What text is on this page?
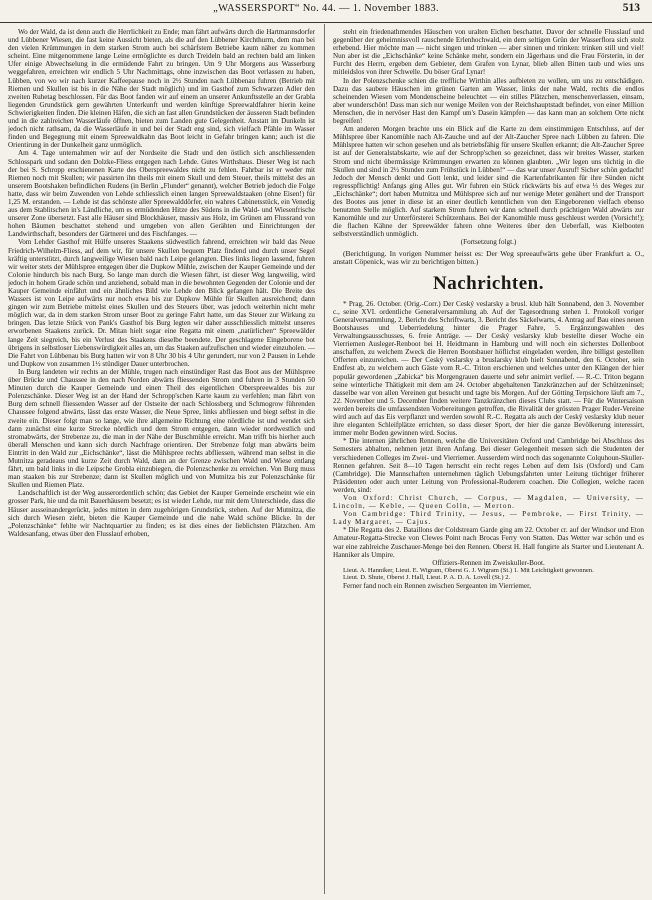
„WASSERSPORT“ No. 44. — 1. November 1883.	513

Wo der Wald, da ist denn auch die Herrlichkeit zu Ende; man fährt aufwärts durch die Hartmannsdorfer und Lübbener Wiesen, die fast keine Aussicht bieten, als die auf den Lübbener Kirchthurm, dem man bei den vielen Krümmungen in dem starken Strom auch bei schärfstem Betriebe kaum näher zu kommen scheint. Eine mitgenommene lange Leine ermöglichte es durch Treideln bald an rechten bald am linken Ufer einige Abwechselung in die ermüdende Fahrt zu bringen. Um 9 Uhr Morgens aus Wasserburg weggefahren, erreichten wir endlich 5 Uhr Nachmittags, ohne inzwischen das Boot verlassen zu haben, Lübben, von wo wir nach kurzer Kaffeepause noch in 2½ Stunden nach Lübbenau fuhren (Betrieb mit Riemen und Skullen ist bis in die Nähe der Stadt möglich) und im Gasthof zum Schwarzen Adler den zweiten Ruhetag beschlossen. Für das Boot fanden wir auf einem an unserer Ankunftsstelle an der Grabla liegenden Grundstück gern gewährten Unterkunft und werden künftige Spreewaldfahrer hierin keine Schwierigkeiten finden. Die kleinen Häfen, die sich an fast allen Grundstücken der äusseren Stadt befinden und in die zahlreichen Wasserläufe öffnen, bieten zum Landen gute Gelegenheit. Anstatt im Dunkeln ist jedoch nicht rathsam, da die Wasserläufe in und bei der Stadt eng sind, sich vielfach Pfähle im Wasser finden und Begegnung mit einem Spreewaldkahn das Boot leicht in Gefahr bringen kann; auch ist die Orientirung in der Dunkelheit ganz unmöglich.

Am 4. Tage unternahmen wir auf der Nordseite die Stadt und den östlich sich anschliessenden Schlosspark und sodann den Dolzke-Fliess entgegen nach Lehde. Gutes Wirthshaus. Dieser Weg ist nach der bei S. Schropp erschienenen Karte des Oberspreewaldes nicht zu fehlen. Fahrbar ist er weder mit Riemen noch mit Skullen; wir passirten ihn theils mit einem Skull und dem Steuer, theils mittelst des an unserem Bootshaken befindlichen Rudens (in Berlin „Flunder“ genannt), welcher Betrieb jedoch die Folge hatte, dass wir beim Zuwenden von Lehde schliesslich einen langen Spreewaldstaaken (ohne Eisen!) für 1,25 M. erstanden. — Lehde ist das schönste aller Spreewalddörfer, ein wahres Cabinetsstück, ein Venedig aus dem Stablitschen in's Ländliche, um es ermüdenden Hitze des Südens in die Wald- und Wiesenfrische unserer Zone übersetzt. Fast alle Häuser sind Blockhäuser, massiv aus Holz, im Grünen am Flussrand von hohen Bäumen beschattet stehend und umgeben von allen Gerähten und Einrichtungen der Landwirthschaft, besonders der Gärtnerei und des Fischfanges. —

Vom Lehder Gasthof mit Hülfe unseres Staakens südwestlich fahrend, erreichten wir bald das Neue Friedrich-Wilhelm-Fliess, auf dem wir, für unsere Skullen bequem Platz findend und durch unser Segel kräftig unterstützt, durch langweilige Wiesen bald nach Leipe gelangten. Dies links liegen lassend, fuhren wir weiter stets der Mühlspree entgegen über die Dupkow Mühle, zwischen der Kauper Gemeinde und der Colonie hindurch bis nach Burg. So lange man durch die Wiesen fährt, ist dieser Weg langweilig, wird jedoch in hohem Grade schön und anziehend, sobald man in die bewohnten Gegenden der Colonie und der Kauper Gemeinde einfährt und ein ähnliches Bild wie Lehde den Blick gefangen hält. Die Breite des Wassers ist von Leipe aufwärts nur noch etwa bis zur Dupkow Mühle für Skullen ausreichend; dann gingen wir zum Betriebe mittelst eines Skullen und des Steuers über, was jedoch weiterhin nicht mehr möglich war, da in dem starken Strom unser Boot zu geringe Fahrt hatte, um das Steuer zur Wirkung zu bringen. Das letzte Stück von Pank's Gasthof bis Burg legten wir daher ausschliesslich mittelst unseres erworbenen Staakens zurück. Dr. Mitan hielt sogar eine Regatta mit einem „natürlichen“ Spreewälder lange Zeit siegreich, bis ein Verlust des Staakens dieselbe beendete. Der geschlagene Eingeborene bot übrigens in selbstloser Liebenswürdigkeit alles an, um das Staaken aufzufischen und wieder einzuholen. — Die Fahrt von Lübbenau bis Burg hatten wir von 8 Uhr 30 bis 4 Uhr gerundert, nur von 2 Pausen in Lehde und Dupkow von zusammen 1½ stündiger Dauer unterbrochen.

In Burg landeten wir rechts an der Mühle, trugen nach einstündiger Rast das Boot aus der Mühlspree über Brücke und Chaussee in den nach Norden abwärts fliessenden Strom und fuhren in 3 Stunden 50 Minuten durch die Kauper Gemeinde und einen Theil des eigentlichen Oberspreewaldes bis zur Polenzschänke. Dieser Weg ist an der Hand der Schropp'schen Karte kaum zu verfehlen; man fährt von Burg dem schnell fliessenden Wasser auf der Ostseite der nach Schlossberg und Schmogrow führenden Chaussee folgend abwärts, lässt das erste Wasser, die Neue Spree, links abfliessen und biegt selbst in die zweite ein. Dieser folgt man so lange, wie ihre allgemeine Richtung eine nördliche ist und wendet sich dann zunächst eine kurze Strecke nördlich und dem Strom entgegen, dann wieder nordwestlich und stromabwärts, der Strebenze zu, die man in der Nähe der Buschmühle erreicht. Man trifft bis hierher auch überall Menschen und kann sich durch Nachfrage orientiren. Der Strebenze folgt man abwärts beim Eintritt in den Wald zur „Eichschänke“, lässt die Mühlspree rechts abfliessen, während man selbst in die Mutnitza geradeaus und kurze Zeit durch Wald, dann an der Grenze zwischen Wald und Wiese entlang fährt, um bald links in die Leipsche Grobla einzubiegen, die Polenzschenke zu erreichen. Von Burg muss man staaken bis zur Strebenze; dann ist Skullen möglich und von Mutnitza bis zur Polenzschänke für Skullen und Riemen Platz.

Landschaftlich ist der Weg ausserordentlich schön; das Gebiet der Kauper Gemeinde erscheint wie ein grosser Park, hie und da mit Bauerhäusern besetzt; es ist wieder Lehde, nur mit dem Unterschiede, dass die Häuser ausseinandergerückt, jedes mitten in dem zugehörigen Grundstück, stehen. Auf der Mutnitza, die sich durch Wiesen zieht, bieten die Kauper Gemeinde und die nahe Wald schöne Blicke. In der „Polenzschänke“ fehlte wir Nachtquartier zu finden; es ist dies eines der lieblichsten Plätzchen. Am Waldesanfang, etwas über den Flusslauf erhoben,

steht ein friedenathmendes Häuschen von uralten Eichen beschattet. Davor der schnelle Flusslauf und gegenüber der geheimnissvoll rauschende Erlenhochwald, ein dem seltigen Grün der Wasserflora sich stolz erhebend. Hier möchte man — nicht singen und trinken — aber sinnen und trinken: trinken still und viel! Nun aber ist die „Eichschänke“ keine Schänke mehr, sondern ein Jägerhaus und die Frau Försterin, in der Furcht des Herrn, ergeben dem Gebieter, dem Grafen von Lynar, blieb allen Bitten taub und wies uns mitleidslos von ihrer Schwelle. Du böser Graf Lynar!

In der Polenzschenke schien die treffliche Wirthin alles aufbieten zu wollen, um uns zu entschädigen. Dazu das saubere Häuschen im grünen Garten am Wasser, links der nahe Wald, rechts die endlos scheinenden Wiesen vom Mondenscheine beleuchtet — ein stilles Plätzchen, menschenverlassen, einsam, aber wunderschön! Dass man sich nur wenige Meilen von der Reichshauptstadt befindet, von einer Million Menschen, die in nervöser Hast den Kampf um's Dasein kämpfen — das kann man an solchem Orte nicht begreifen!

Am anderen Morgen brachte uns ein Blick auf die Karte zu dem einstimmigen Entschluss, auf der Mühlspree über Kanomühle nach Alt-Zauche und auf der Alt-Zaucher Spree nach Lübben zu fahren. Die Mühlspree hatten wir schon gesehen und als betriebsfähig für unsere Skullen erkannt; die Alt-Zaucher Spree ist auf der Generalstabskarte, wie auf der Schropp'schen so gezeichnet, dass wir breites Wasser, starken Strom und nicht übermässige Krümmungen erwarten zu können glaubten. „Wir legen uns tüchtig in die Skullen und sind in 2½ Stunden zum Frühstück in Lübben!“ — das war unser Ausruf! Sicher schön gedacht! Jedoch der Mensch denkt und Gott lenkt, und leider sind die Kartenfabrikanten für ihre Sünden nicht regresspflichtig! Anfangs ging Alles gut. Wir fuhren ein Stück rückwärts bis auf etwa ⅓ des Weges zur „Eichschänke“; dort haben Mutnitza und Mühlspree sich auf nur wenige Meter genähert und der Transport des Bootes aus jener in diese ist an einer deutlich kenntlichen von den Eingeborenen vielfach ebenso benutzten Stelle möglich. Auf starkem Strom fuhren wir dann schnell durch prächtigen Wald abwärts zur Kanomühle und zur Unterförsterei Schützenhaus. Bei der Kanomühle muss geschleust werden (Vorsicht!); die flachen Kähne der Spreewälder fahren ohne Weiteres über den Ueberfall, was Kielbooten selbstverständlich unmöglich.

(Fortsetzung folgt.)

(Berichtigung. In vorigen Nummer heisst es: Der Weg spreeaufwärts gehe über Frankfurt a. O., anstatt Cöpenick, was wir zu berichtigen bitten.)

Nachrichten.

* Prag, 26. October. (Orig.-Corr.) Der Ceský veslarsky a brusl. klub hält Sonnabend, den 3. November c., seine XVI. ordentliche Generalversammlung ab. Auf der Tagesordnung stehen 1. Protokoll voriger Generalversammlung, 2. Bericht des Schriftwarts, 3. Bericht des Säckelwarts, 4. Antrag auf Bau eines neuen Bootshauses und Ueberriedelung hinter die Prager Fahre, 5. Ergänzungswahlen des Verwaltungsausschusses, 6. freie Anträge. — Der Ceský veslarsky klub bestellte dieser Woche ein Vierriemen Ausleger-Renboot bei H. Heidtmann in Hamburg und will noch ein sicherstes Dollenboot anschaffen, zu welchem Zweck die Herren Bootsbauer höflichst eingeladen werden, ihre billigst gestellten Offerten einzureichen. — Der Ceský veslarsky a bruslarsky klub hielt Sonnabend, den 6. October, sein Endfest ab, zu welchem auch Gäste vom R.-C. Triton erschienen und welches unter den Klängen der hier populär gewordenen „Zabicka“ bis Morgengrauen dauerte und sehr animirt verlief. — R.-C. Triton begann seine winterliche Thätigkeit mit dem am 24. October abgehaltenen Tanzkränzchen auf der Schützeninsel; dasselbe war von allen Vereinen gut besucht und tagte bis Morgen. Auf der Götting Terpsichore läuft am 7., 22. November und 5. December finden weitere Tanzkränzchen dieses Clubs statt. — Für die Wintersaison werden bereits die umfassendsten Vorbereitungen getroffen, die Rivalität der grössten Prager Ruder-Vereine wird auch auf das Eis verpflanzt und werden sowohl R.-C. Regatta als auch der Ceský veslarsky klub neuer ihre eleganten Schleifplätze errichten, so dass dieser Sport, der hier die ganze Bevölkerung interessirt, immer mehr Boden gewinnen wird. Socius.

* Die internen jährlichen Rennen, welche die Universitäten Oxford und Cambridge bei Abschluss des Semesters abhalten, nehmen jetzt ihren Anfang. Bei dieser Gelegenheit messen sich die Studenten der verschiedenen Colleges im Zwei- und Vierriemer. Ausserdem wird noch das sogenannte Colquhoun-Skuller-Rennen gefahren. Seit 8—10 Tagen herrscht ein recht reges Leben auf dem Isis (Oxford) und Cam (Cambridge). Die Mannschaften unternehmen täglich Uebungsfahrten unter Leitung tüchtiger früherer Präsidenten oder auch unter Leitung von Professional-Ruderern coachen. Die Collegien, welche racen werden, sind:

Von Oxford: Christ Church, — Corpus, — Magdalen, — University, — Lincoln, — Keble, — Queen Colln, — Merton.

Von Cambridge: Third Trinity, — Jesus, — Pembroke, — First Trinity, — Lady Margaret, — Cajus.

* Die Regatta des 2. Bataillons der Coldstream Garde ging am 22. October cr. auf der Windsor und Eton Amateur-Regatta-Strecke von Clewes Point nach Brocas Ferry von Statten. Das Wetter war schön und es war eine zahlreiche Zuschauer-Menge bei den Rennen. Oberst H. Hall fungirte als Starter und Lieutenant A. Hanniker als Umpire.

Offiziers-Rennen im Zweiskuller-Boot.

Lieut. A. Hanniker, Lieut. E. Wigram, Oberst G. J. Wigram (St.) 1. Mit Leichtigkeit gewonnen.

Lieut. D. Shute, Oberst J. Hall, Lieut. P. A. D. A. Lovell (St.) 2.

Ferner fand noch ein Rennen zwischen Sergeanten im Vierriemer,
